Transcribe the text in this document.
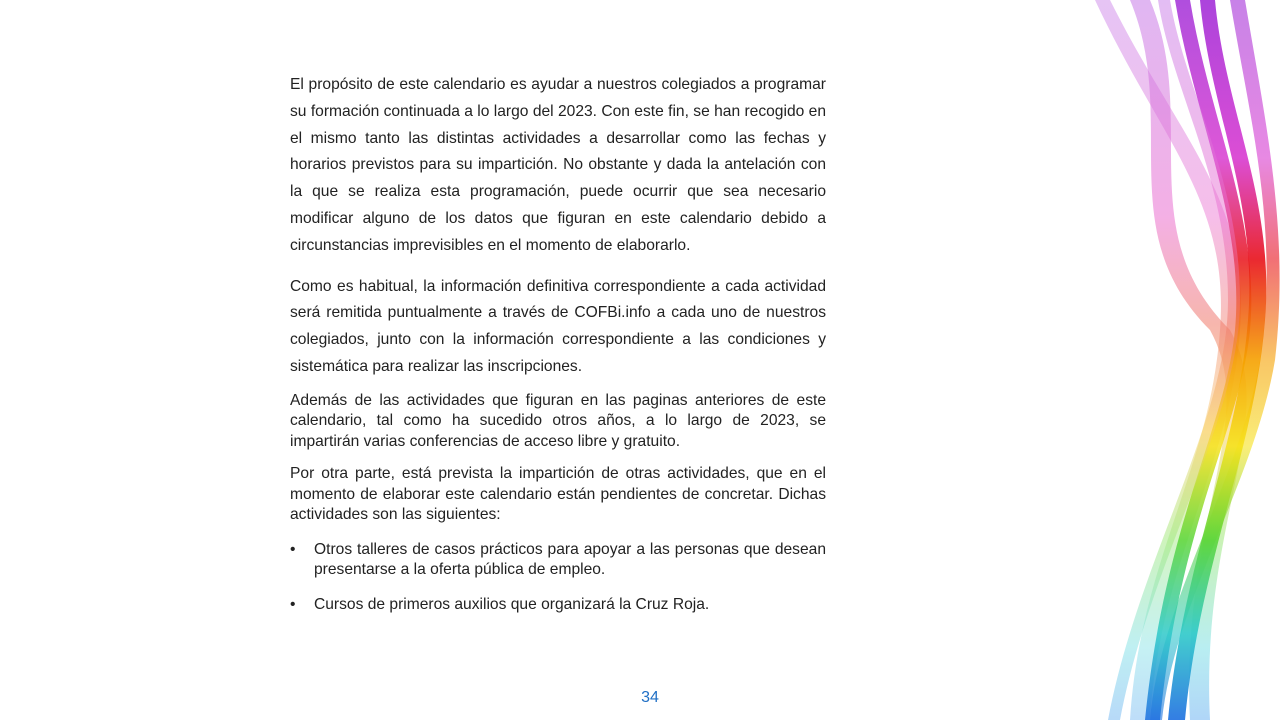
El propósito de este calendario es ayudar a nuestros colegiados a programar su formación continuada a lo largo del 2023. Con este fin, se han recogido en el mismo tanto las distintas actividades a desarrollar como las fechas y horarios previstos para su impartición. No obstante y dada la antelación con la que se realiza esta programación, puede ocurrir que sea necesario modificar alguno de los datos que figuran en este calendario debido a circunstancias imprevisibles en el momento de elaborarlo.

Como es habitual, la información definitiva correspondiente a cada actividad será remitida puntualmente a través de COFBi.info a cada uno de nuestros colegiados, junto con la información correspondiente a las condiciones y sistemática para realizar las inscripciones.

Además de las actividades que figuran en las paginas anteriores de este calendario, tal como ha sucedido otros años, a lo largo de 2023, se impartirán varias conferencias de acceso libre y gratuito.

Por otra parte, está prevista la impartición de otras actividades, que en el momento de elaborar este calendario están pendientes de concretar. Dichas actividades son las siguientes:

• Otros talleres de casos prácticos para apoyar a las personas que desean presentarse a la oferta pública de empleo.
• Cursos de primeros auxilios que organizará la Cruz Roja.
34
